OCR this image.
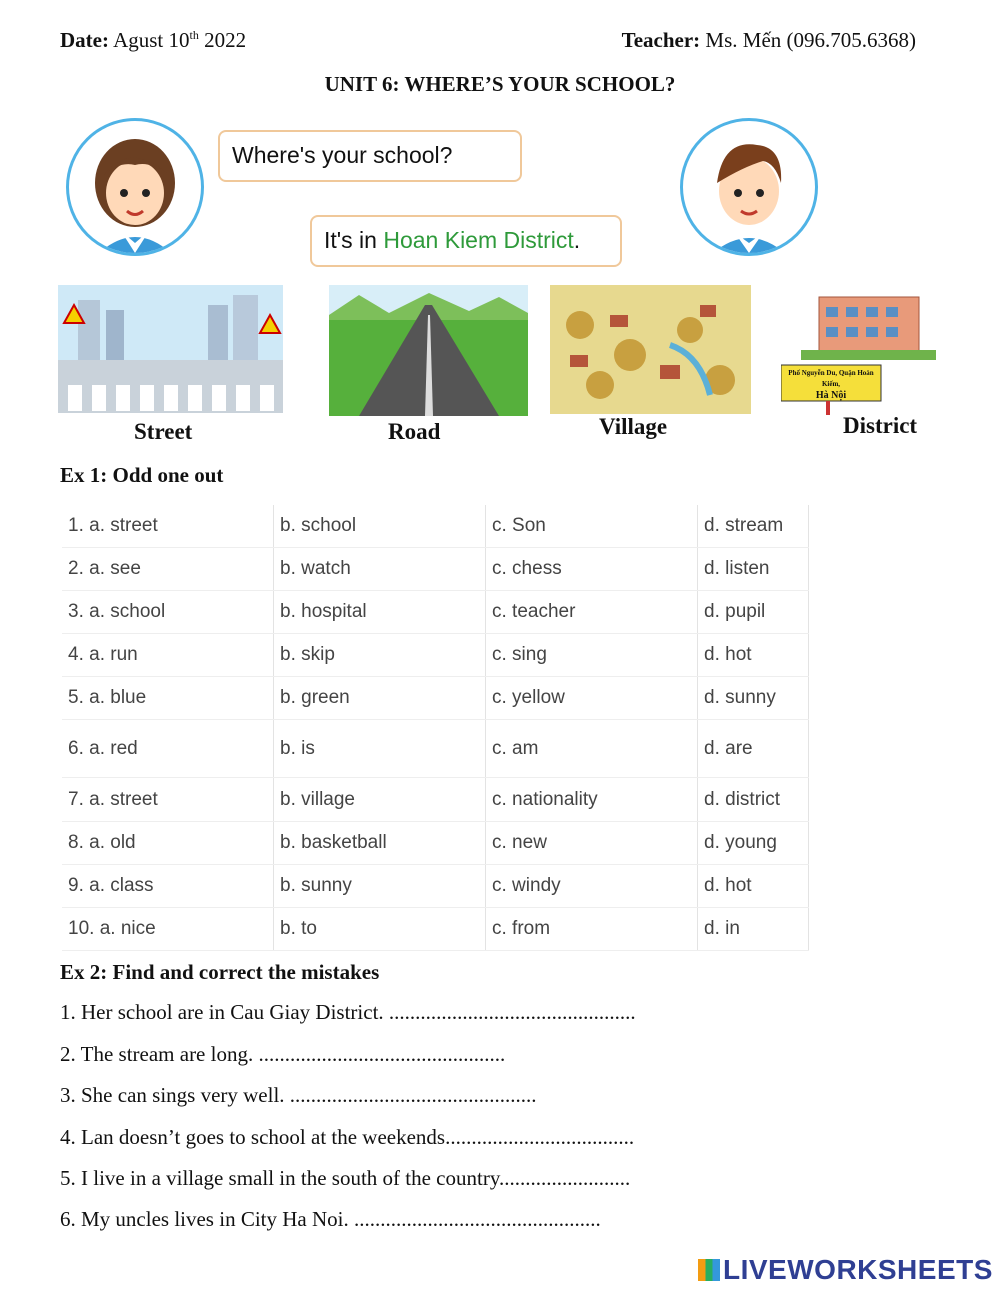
Date: Agust 10th 2022	Teacher: Ms. Mến (096.705.6368)
UNIT 6: WHERE’S YOUR SCHOOL?
Where's your school?
It's in Hoan Kiem District.
Phố Nguyễn Du, Quận Hoàn Kiếm,
Hà Nội
Street	Road	Village	District
Ex 1: Odd one out
1. a. street	b. school	c. Son	d. stream
2. a. see	b. watch	c. chess	d. listen
3. a. school	b. hospital	c. teacher	d. pupil
4. a. run	b. skip	c. sing	d. hot
5. a. blue	b. green	c. yellow	d. sunny
6. a. red	b. is	c. am	d. are
7. a. street	b. village	c. nationality	d. district
8. a. old	b. basketball	c. new	d. young
9. a. class	b. sunny	c. windy	d. hot
10. a. nice	b. to	c. from	d. in
Ex 2: Find and correct the mistakes
1. Her school are in Cau Giay District. ...............................................
2. The stream are long. ...............................................
3. She can sings very well. ...............................................
4. Lan doesn’t goes to school at the weekends....................................
5. I live in a village small in the south of the country.........................
6. My uncles lives in City Ha Noi. ...............................................
LIVEWORKSHEETS
